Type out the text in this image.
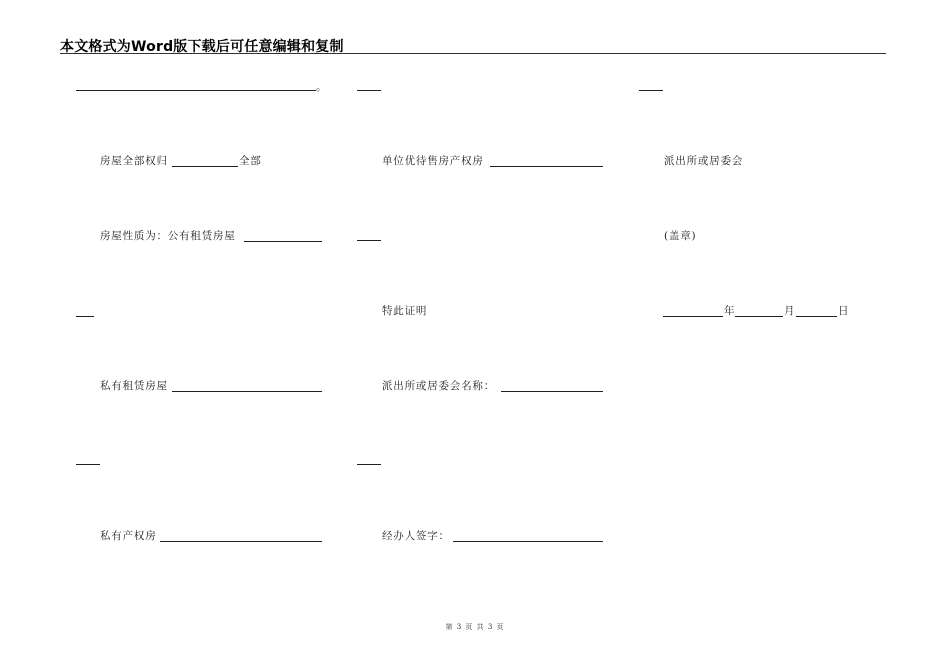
本文格式为Word版下载后可任意编辑和复制
。
房屋全部权归	全部
房屋性质为：公有租赁房屋
私有租赁房屋
私有产权房
单位优待售房产权房
特此证明
派出所或居委会名称：
经办人签字：
派出所或居委会
(盖章)
年	月	日
第 3 页 共 3 页
